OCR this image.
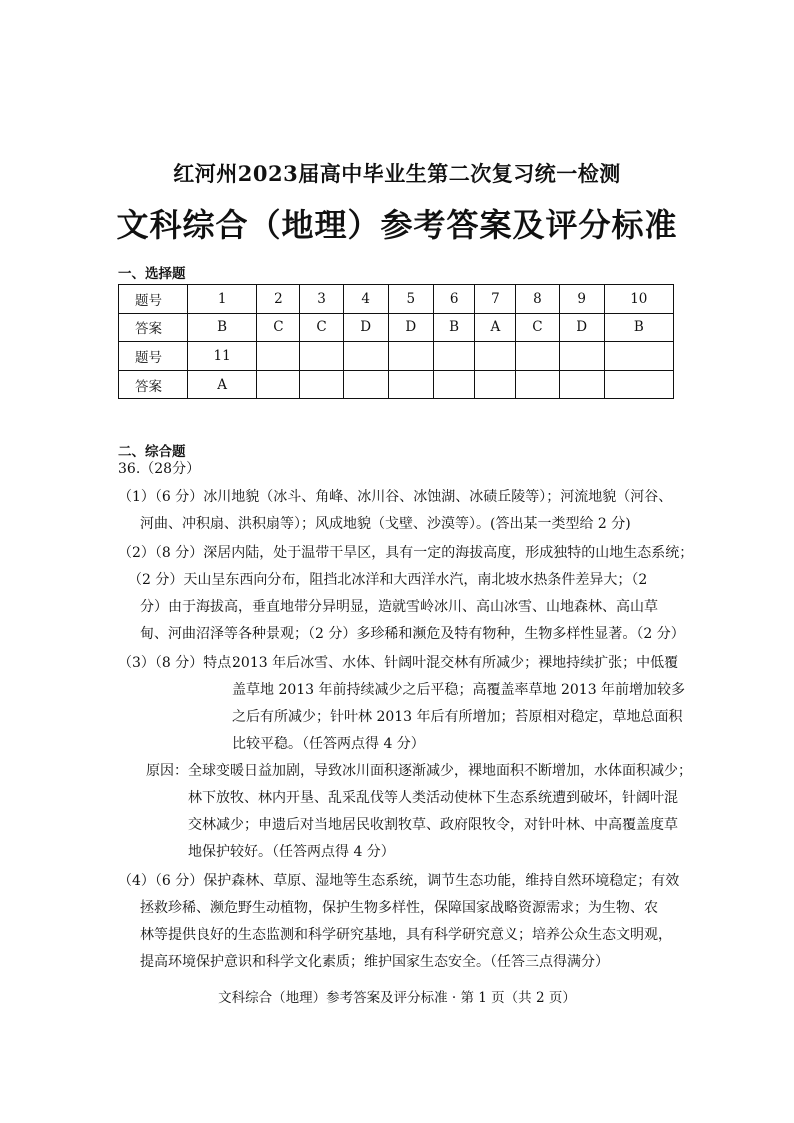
红河州2023届高中毕业生第二次复习统一检测
文科综合（地理）参考答案及评分标准
一、选择题
题号	1	2	3	4	5	6	7	8	9	10
答案	B	C	C	D	D	B	A	C	D	B
题号	11									
答案	A									
二、综合题
36.（28分）
（1）（6 分）冰川地貌（冰斗、角峰、冰川谷、冰蚀湖、冰碛丘陵等）；河流地貌（河谷、
河曲、冲积扇、洪积扇等）；风成地貌（戈壁、沙漠等）。(答出某一类型给 2 分)
（2）（8 分）深居内陆，处于温带干旱区，具有一定的海拔高度，形成独特的山地生态系统；
（2 分）天山呈东西向分布，阻挡北冰洋和大西洋水汽，南北坡水热条件差异大；（2
分）由于海拔高，垂直地带分异明显，造就雪岭冰川、高山冰雪、山地森林、高山草
甸、河曲沼泽等各种景观；（2 分）多珍稀和濒危及特有物种，生物多样性显著。（2 分）
（3）（8 分）特点：
2013 年后冰雪、水体、针阔叶混交林有所减少；裸地持续扩张；中低覆
盖草地 2013 年前持续减少之后平稳；高覆盖率草地 2013 年前增加较多
之后有所减少；针叶林 2013 年后有所增加；苔原相对稳定，草地总面积
比较平稳。（任答两点得 4 分）
原因： 全球变暖日益加剧，导致冰川面积逐渐减少，裸地面积不断增加，水体面积减少；
林下放牧、林内开垦、乱采乱伐等人类活动使林下生态系统遭到破坏，针阔叶混
交林减少；申遗后对当地居民收割牧草、政府限牧令，对针叶林、中高覆盖度草
地保护较好。（任答两点得 4 分）
（4）（6 分）保护森林、草原、湿地等生态系统，调节生态功能，维持自然环境稳定；有效
拯救珍稀、濒危野生动植物，保护生物多样性，保障国家战略资源需求；为生物、农
林等提供良好的生态监测和科学研究基地，具有科学研究意义；培养公众生态文明观，
提高环境保护意识和科学文化素质；维护国家生态安全。（任答三点得满分）
文科综合（地理）参考答案及评分标准 · 第 1 页（共 2 页）
